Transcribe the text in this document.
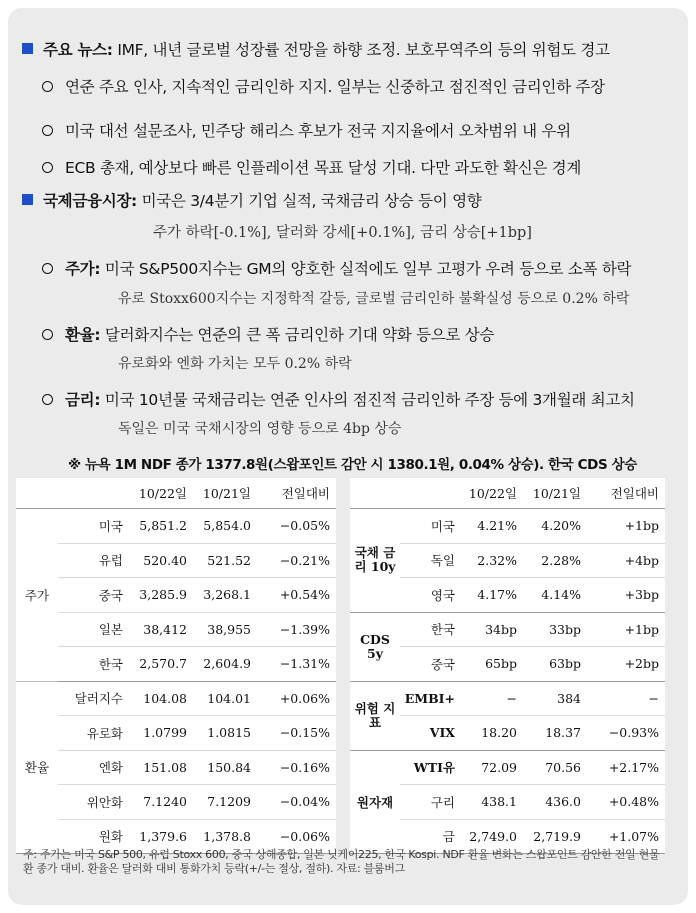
주요 뉴스: IMF, 내년 글로벌 성장률 전망을 하향 조정. 보호무역주의 등의 위험도 경고
연준 주요 인사, 지속적인 금리인하 지지. 일부는 신중하고 점진적인 금리인하 주장
미국 대선 설문조사, 민주당 해리스 후보가 전국 지지율에서 오차범위 내 우위
ECB 총재, 예상보다 빠른 인플레이션 목표 달성 기대. 다만 과도한 확신은 경계
국제금융시장: 미국은 3/4분기 기업 실적, 국채금리 상승 등이 영향
주가 하락[-0.1%], 달러화 강세[+0.1%], 금리 상승[+1bp]
주가: 미국 S&P500지수는 GM의 양호한 실적에도 일부 고평가 우려 등으로 소폭 하락
유로 Stoxx600지수는 지정학적 갈등, 글로벌 금리인하 불확실성 등으로 0.2% 하락
환율: 달러화지수는 연준의 큰 폭 금리인하 기대 약화 등으로 상승
유로화와 엔화 가치는 모두 0.2% 하락
금리: 미국 10년물 국채금리는 연준 인사의 점진적 금리인하 주장 등에 3개월래 최고치
독일은 미국 국채시장의 영향 등으로 4bp 상승
※ 뉴욕 1M NDF 종가 1377.8원(스왑포인트 감안 시 1380.1원, 0.04% 상승). 한국 CDS 상승
		10/22일	10/21일	전일대비
주가	미국	5,851.2	5,854.0	−0.05%
	유럽	520.40	521.52	−0.21%
	중국	3,285.9	3,268.1	+0.54%
	일본	38,412	38,955	−1.39%
	한국	2,570.7	2,604.9	−1.31%
환율	달러지수	104.08	104.01	+0.06%
	유로화	1.0799	1.0815	−0.15%
	엔화	151.08	150.84	−0.16%
	위안화	7.1240	7.1209	−0.04%
	원화	1,379.6	1,378.8	−0.06%
		10/22일	10/21일	전일대비
국채 금리 10y	미국	4.21%	4.20%	+1bp
	독일	2.32%	2.28%	+4bp
	영국	4.17%	4.14%	+3bp
CDS 5y	한국	34bp	33bp	+1bp
	중국	65bp	63bp	+2bp
위험 지표	EMBI+	−	384	−
	VIX	18.20	18.37	−0.93%
원자재	WTI유	72.09	70.56	+2.17%
	구리	438.1	436.0	+0.48%
	금	2,749.0	2,719.9	+1.07%
주: 주가는 미국 S&P 500, 유럽 Stoxx 600, 중국 상해종합, 일본 닛케이225, 한국 Kospi. NDF 환율 변화는 스왑포인트 감안한 전일 현물환 종가 대비. 환율은 달러화 대비 통화가치 등락(+/-는 절상, 절하). 자료: 블룸버그
